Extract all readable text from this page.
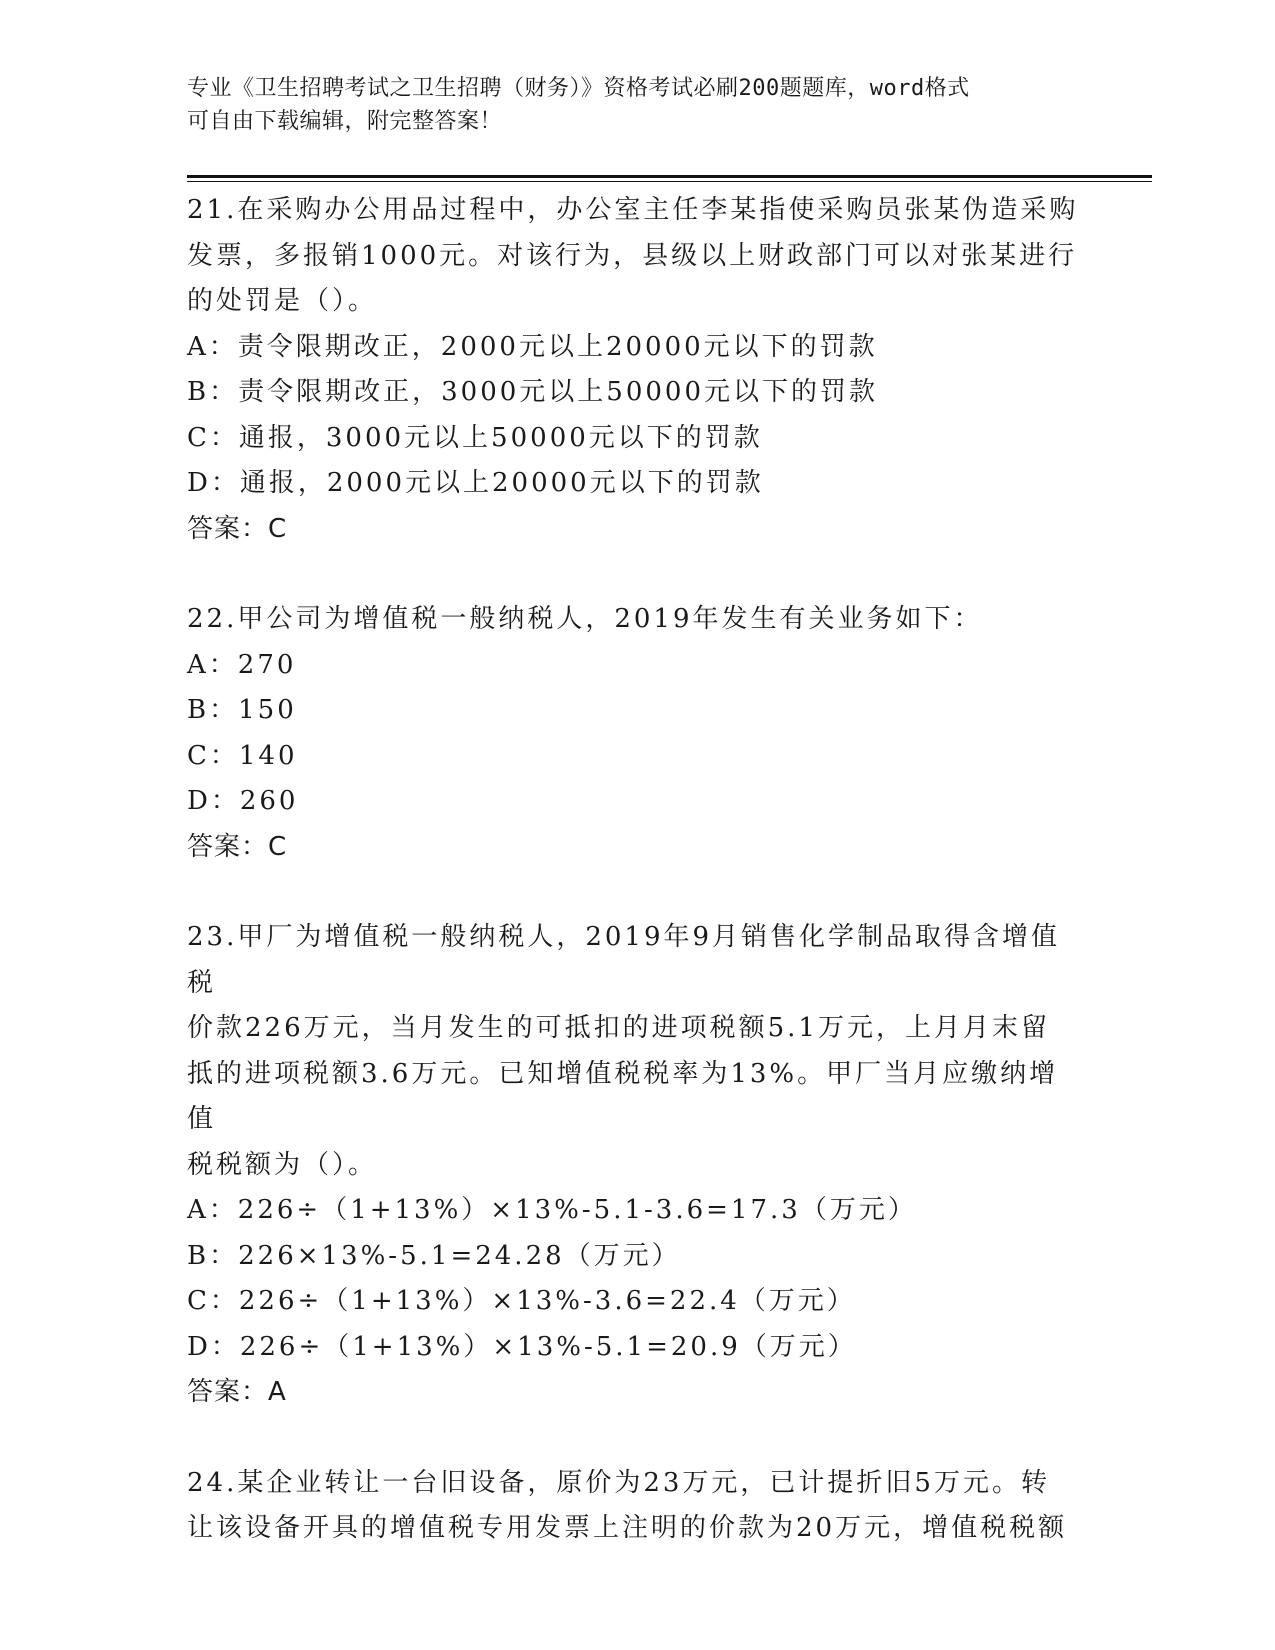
专业《卫生招聘考试之卫生招聘（财务）》资格考试必刷200题题库，word格式
可自由下载编辑，附完整答案！

21.在采购办公用品过程中，办公室主任李某指使采购员张某伪造采购

发票，多报销1000元。对该行为，县级以上财政部门可以对张某进行

的处罚是（）。

A：责令限期改正，2000元以上20000元以下的罚款

B：责令限期改正，3000元以上50000元以下的罚款

C：通报，3000元以上50000元以下的罚款

D：通报，2000元以上20000元以下的罚款

答案：C

22.甲公司为增值税一般纳税人，2019年发生有关业务如下：

A：270

B：150

C：140

D：260

答案：C

23.甲厂为增值税一般纳税人，2019年9月销售化学制品取得含增值税

价款226万元，当月发生的可抵扣的进项税额5.1万元，上月月末留

抵的进项税额3.6万元。已知增值税税率为13%。甲厂当月应缴纳增值

税税额为（）。

A：226÷（1+13%）×13%-5.1-3.6=17.3（万元）

B：226×13%-5.1=24.28（万元）

C：226÷（1+13%）×13%-3.6=22.4（万元）

D：226÷（1+13%）×13%-5.1=20.9（万元）

答案：A

24.某企业转让一台旧设备，原价为23万元，已计提折旧5万元。转

让该设备开具的增值税专用发票上注明的价款为20万元，增值税税额
